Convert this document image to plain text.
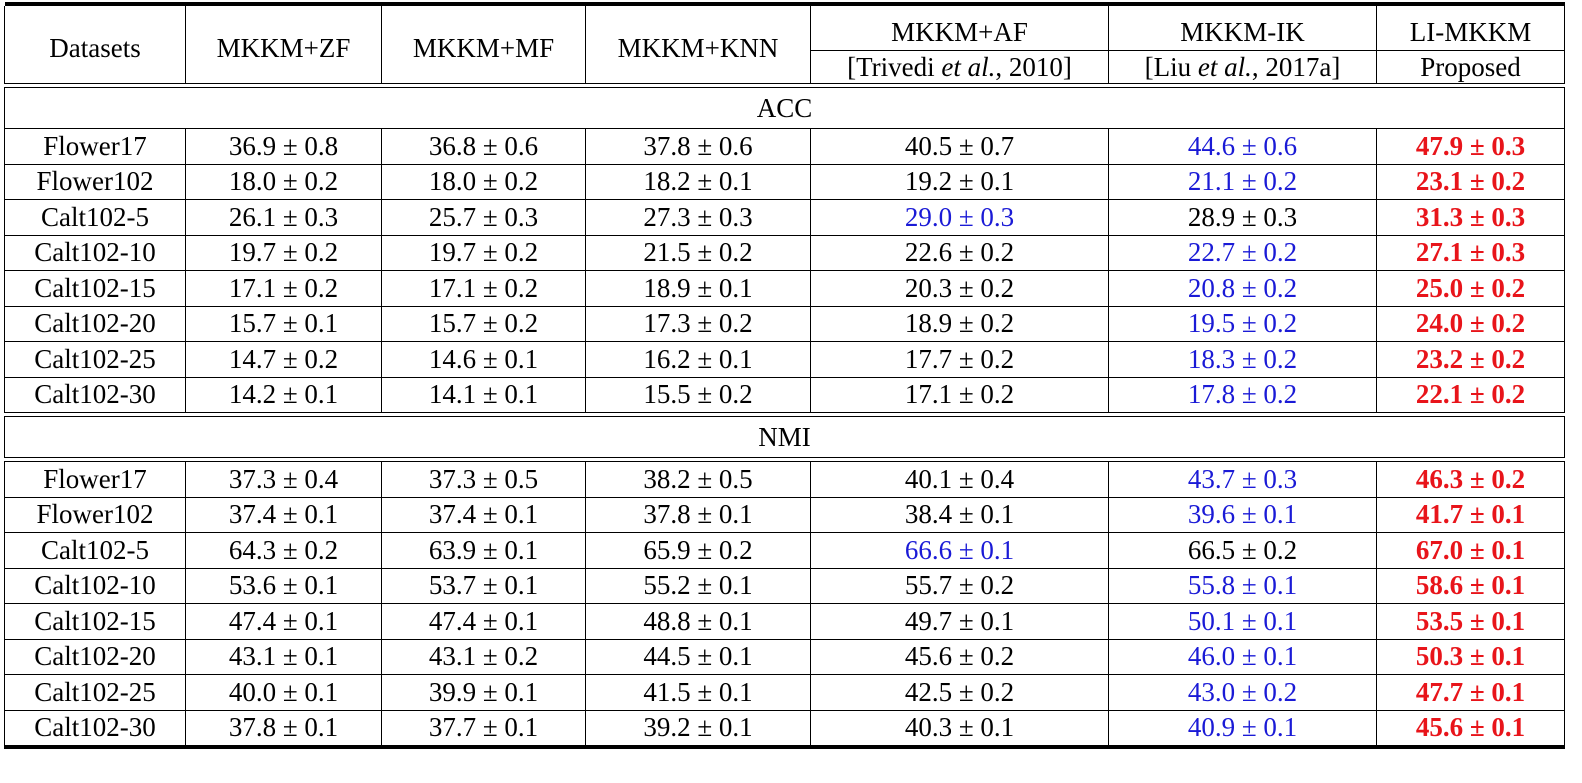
Datasets	MKKM+ZF	MKKM+MF	MKKM+KNN	MKKM+AF	MKKM-IK	LI-MKKM
				[Trivedi et al., 2010]	[Liu et al., 2017a]	Proposed

ACC						
Flower17	36.9 ± 0.8	36.8 ± 0.6	37.8 ± 0.6	40.5 ± 0.7	44.6 ± 0.6	47.9 ± 0.3
Flower102	18.0 ± 0.2	18.0 ± 0.2	18.2 ± 0.1	19.2 ± 0.1	21.1 ± 0.2	23.1 ± 0.2
Calt102-5	26.1 ± 0.3	25.7 ± 0.3	27.3 ± 0.3	29.0 ± 0.3	28.9 ± 0.3	31.3 ± 0.3
Calt102-10	19.7 ± 0.2	19.7 ± 0.2	21.5 ± 0.2	22.6 ± 0.2	22.7 ± 0.2	27.1 ± 0.3
Calt102-15	17.1 ± 0.2	17.1 ± 0.2	18.9 ± 0.1	20.3 ± 0.2	20.8 ± 0.2	25.0 ± 0.2
Calt102-20	15.7 ± 0.1	15.7 ± 0.2	17.3 ± 0.2	18.9 ± 0.2	19.5 ± 0.2	24.0 ± 0.2
Calt102-25	14.7 ± 0.2	14.6 ± 0.1	16.2 ± 0.1	17.7 ± 0.2	18.3 ± 0.2	23.2 ± 0.2
Calt102-30	14.2 ± 0.1	14.1 ± 0.1	15.5 ± 0.2	17.1 ± 0.2	17.8 ± 0.2	22.1 ± 0.2

NMI						

Flower17	37.3 ± 0.4	37.3 ± 0.5	38.2 ± 0.5	40.1 ± 0.4	43.7 ± 0.3	46.3 ± 0.2
Flower102	37.4 ± 0.1	37.4 ± 0.1	37.8 ± 0.1	38.4 ± 0.1	39.6 ± 0.1	41.7 ± 0.1
Calt102-5	64.3 ± 0.2	63.9 ± 0.1	65.9 ± 0.2	66.6 ± 0.1	66.5 ± 0.2	67.0 ± 0.1
Calt102-10	53.6 ± 0.1	53.7 ± 0.1	55.2 ± 0.1	55.7 ± 0.2	55.8 ± 0.1	58.6 ± 0.1
Calt102-15	47.4 ± 0.1	47.4 ± 0.1	48.8 ± 0.1	49.7 ± 0.1	50.1 ± 0.1	53.5 ± 0.1
Calt102-20	43.1 ± 0.1	43.1 ± 0.2	44.5 ± 0.1	45.6 ± 0.2	46.0 ± 0.1	50.3 ± 0.1
Calt102-25	40.0 ± 0.1	39.9 ± 0.1	41.5 ± 0.1	42.5 ± 0.2	43.0 ± 0.2	47.7 ± 0.1
Calt102-30	37.8 ± 0.1	37.7 ± 0.1	39.2 ± 0.1	40.3 ± 0.1	40.9 ± 0.1	45.6 ± 0.1
